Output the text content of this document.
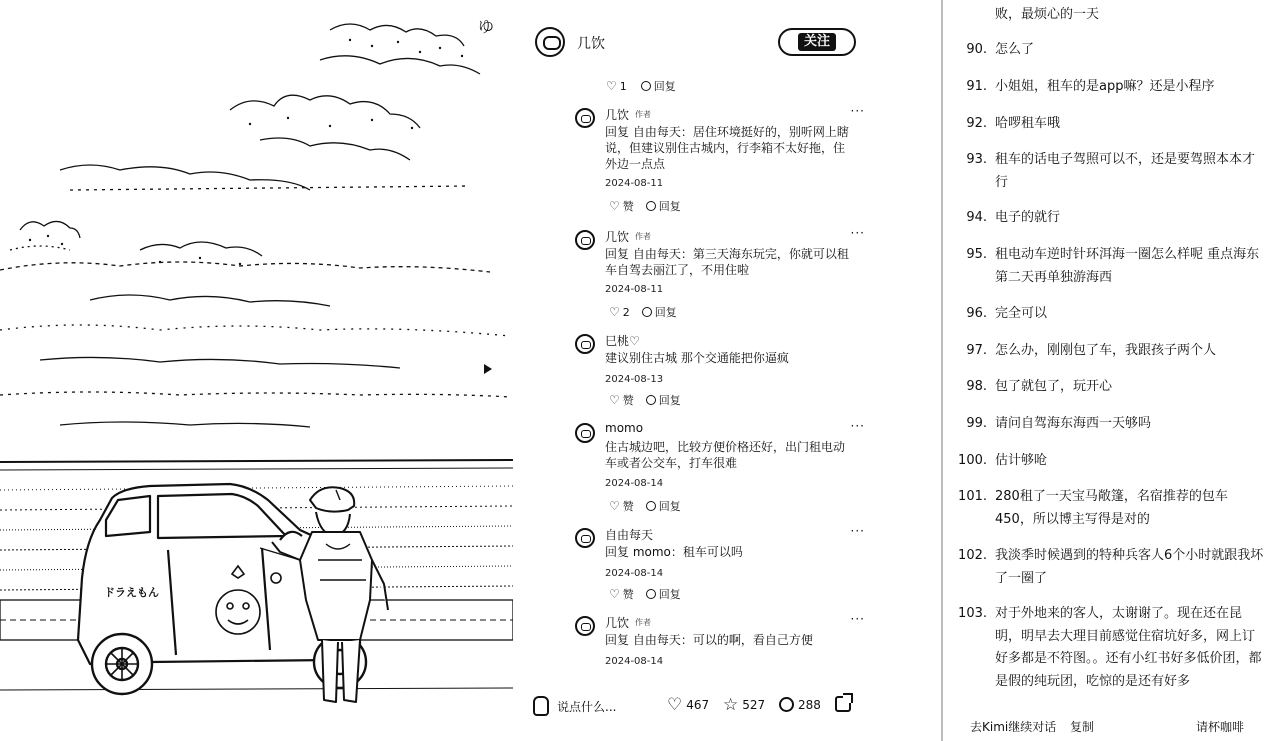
ドラえもん
ゆ
几饮	关注
♡ 1 回复
几饮 作者	···
回复 自由每天：居住环境挺好的，别听网上瞎说，但建议别住古城内，行李箱不太好拖，住外边一点点
2024-08-11
♡ 赞 回复
几饮 作者	···
回复 自由每天：第三天海东玩完，你就可以租车自驾去丽江了，不用住啦
2024-08-11
♡ 2 回复
巳桃♡
建议别住古城 那个交通能把你逼疯
2024-08-13
♡ 赞 回复
momo	···
住古城边吧，比较方便价格还好，出门租电动车或者公交车，打车很难
2024-08-14
♡ 赞 回复
自由每天	···
回复 momo：租车可以吗
2024-08-14
♡ 赞 回复
几饮 作者	···
回复 自由每天：可以的啊，看自己方便
2024-08-14
说点什么...	♡ 467 ☆ 527	288
败，最烦心的一天
90. 怎么了
91. 小姐姐，租车的是app嘛？还是小程序
92. 哈啰租车哦
93. 租车的话电子驾照可以不，还是要驾照本本才行
94. 电子的就行
95. 租电动车逆时针环洱海一圈怎么样呢 重点海东 第二天再单独游海西
96. 完全可以
97. 怎么办，刚刚包了车，我跟孩子两个人
98. 包了就包了，玩开心
99. 请问自驾海东海西一天够吗
100. 估计够呛
101. 280租了一天宝马敞篷，名宿推荐的包车450，所以博主写得是对的
102. 我淡季时候遇到的特种兵客人6个小时就跟我坏了一圈了
103. 对于外地来的客人，太谢谢了。现在还在昆明，明早去大理目前感觉住宿坑好多，网上订好多都是不符图。。还有小红书好多低价团，都是假的纯玩团，吃惊的是还有好多
去Kimi继续对话 复制	请杯咖啡
